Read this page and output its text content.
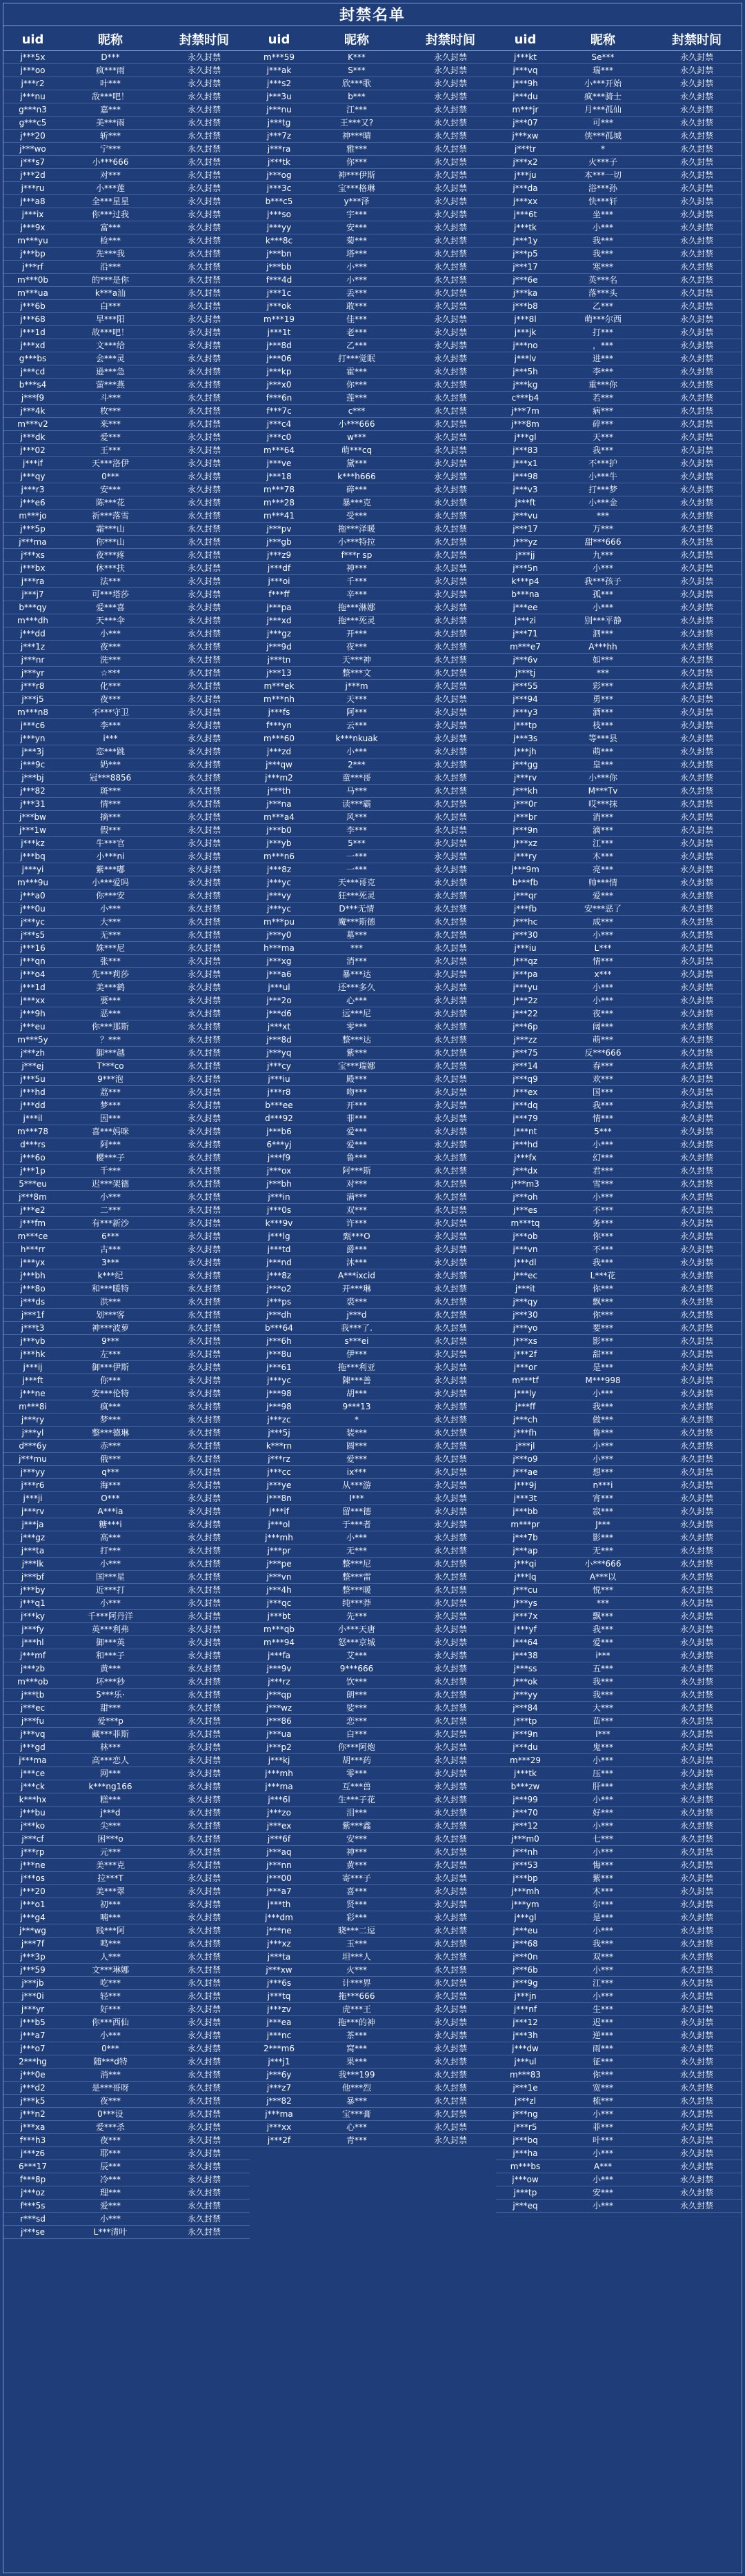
封禁名单
uid	昵称	封禁时间
j***5x	D***	永久封禁
j***oo	疯***雨	永久封禁
j***r2	叶***	永久封禁
j***nu	敌***吧！	永久封禁
g***n3	嘉***	永久封禁
g***c5	美***雨	永久封禁
j***20	斩***	永久封禁
j***wo	宁***	永久封禁
j***s7	小***666	永久封禁
j***2d	对***	永久封禁
j***ru	小***莲	永久封禁
j***a8	全***星星	永久封禁
j***ix	你***过我	永久封禁
j***9x	富***	永久封禁
m***yu	检***	永久封禁
j***bp	先***我	永久封禁
j***rf	沿***	永久封禁
m***0b	的***是你	永久封禁
m***ua	k***a汕	永久封禁
j***6b	白***	永久封禁
j***68	早***阳	永久封禁
j***1d	故***吧！	永久封禁
j***xd	文***给	永久封禁
g***bs	会***灵	永久封禁
j***cd	逊***急	永久封禁
b***s4	萤***燕	永久封禁
j***f9	斗***	永久封禁
j***4k	枚***	永久封禁
m***v2	来***	永久封禁
j***dk	爱***	永久封禁
j***02	王***	永久封禁
j***if	天***洛伊	永久封禁
j***qy	0***	永久封禁
j***r3	安***	永久封禁
j***e6	陈***花	永久封禁
m***jo	祈***落雪	永久封禁
j***5p	霜***山	永久封禁
j***ma	你***山	永久封禁
j***xs	夜***疼	永久封禁
j***bx	休***扶	永久封禁
j***ra	法***	永久封禁
j***j7	可***塔莎	永久封禁
b***qy	爱***喜	永久封禁
m***dh	天***伞	永久封禁
j***dd	小***	永久封禁
j***1z	夜***	永久封禁
j***nr	洗***	永久封禁
j***yr	☆***	永久封禁
j***r8	化***	永久封禁
j***j5	夜***	永久封禁
m***n8	不***守卫	永久封禁
j***c6	李***	永久封禁
j***yn	i***	永久封禁
j***3j	恋***跳	永久封禁
j***9c	奶***	永久封禁
j***bj	冠***8856	永久封禁
j***82	斑***	永久封禁
j***31	情***	永久封禁
j***bw	摘***	永久封禁
j***1w	假***	永久封禁
j***kz	牛***官	永久封禁
j***bq	小***ni	永久封禁
j***yi	紫***嘟	永久封禁
m***9u	小***爱吗	永久封禁
j***a0	你***安	永久封禁
j***0u	小***	永久封禁
j***yc	大***	永久封禁
j***s5	无***	永久封禁
j***16	姝***尼	永久封禁
j***qn	张***	永久封禁
j***o4	先***莉莎	永久封禁
j***1d	美***鹤	永久封禁
j***xx	要***	永久封禁
j***9h	恶***	永久封禁
j***eu	你***那斯	永久封禁
m***5y	？***	永久封禁
j***zh	御***越	永久封禁
j***ej	T***co	永久封禁
j***5u	9***泡	永久封禁
j***hd	荔***	永久封禁
j***dd	梦***	永久封禁
j***il	因***	永久封禁
m***78	喜***妈咪	永久封禁
d***rs	阿***	永久封禁
j***6o	樱***子	永久封禁
j***1p	千***	永久封禁
5***eu	迟***架德	永久封禁
j***8m	小***	永久封禁
j***e2	二***	永久封禁
j***fm	有***新沙	永久封禁
m***ce	6***	永久封禁
h***rr	古***	永久封禁
j***yx	3***	永久封禁
j***bh	k***纪	永久封禁
j***8o	和***暖特	永久封禁
j***ds	洪***	永久封禁
j***1f	划***客	永久封禁
j***t3	神***波萝	永久封禁
j***vb	9***	永久封禁
j***hk	左***	永久封禁
j***ij	御***伊斯	永久封禁
j***ft	你***	永久封禁
j***ne	安***伦特	永久封禁
m***8i	疯***	永久封禁
j***ry	梦***	永久封禁
j***yl	整***德琳	永久封禁
d***6y	赤***	永久封禁
j***mu	俄***	永久封禁
j***yy	q***	永久封禁
j***r6	海***	永久封禁
j***ji	O***	永久封禁
j***rv	A***ia	永久封禁
j***ja	糖***i	永久封禁
j***gz	高***	永久封禁
j***ta	打***	永久封禁
j***lk	小***	永久封禁
j***bf	国***星	永久封禁
j***by	近***打	永久封禁
j***q1	小***	永久封禁
j***ky	千***阿丹洋	永久封禁
j***fy	英***利弗	永久封禁
j***hl	御***英	永久封禁
j***mf	和***子	永久封禁
j***zb	黄***	永久封禁
m***ob	坏***秒	永久封禁
j***tb	5***乐·	永久封禁
j***ec	甜***	永久封禁
j***fu	爱***p	永久封禁
j***vq	藏***菲斯	永久封禁
j***gd	林***	永久封禁
j***ma	高***恋人	永久封禁
j***ce	网***	永久封禁
j***ck	k***ng166	永久封禁
k***hx	糕***	永久封禁
j***bu	j***d	永久封禁
j***ko	尖***	永久封禁
j***cf	困***o	永久封禁
j***rp	元***	永久封禁
j***ne	美***克	永久封禁
j***os	拉***T	永久封禁
j***20	美***翠	永久封禁
j***o1	初***	永久封禁
j***g4	喃***	永久封禁
j***wg	贱***阿	永久封禁
j***7f	鸣***	永久封禁
j***3p	人***	永久封禁
j***59	文***琳娜	永久封禁
j***jb	吃***	永久封禁
j***0i	轻***	永久封禁
j***yr	好***	永久封禁
j***b5	你***西仙	永久封禁
j***a7	小***	永久封禁
j***o7	0***	永久封禁
2***hg	随***d特	永久封禁
j***0e	消***	永久封禁
j***d2	是***哥呀	永久封禁
j***k5	夜***	永久封禁
j***n2	0***设	永久封禁
j***xa	爱***杀	永久封禁
f***h3	夜***	永久封禁
j***z6	耶***	永久封禁
6***17	辰***	永久封禁
f***8p	冷***	永久封禁
j***oz	理***	永久封禁
f***5s	爱***	永久封禁
r***sd	小***	永久封禁
j***se	L***清叶	永久封禁
uid	昵称	封禁时间
m***59	K***	永久封禁
j***ak	S***	永久封禁
j***s2	欣***歌	永久封禁
j***3u	b***	永久封禁
j***nu	江***	永久封禁
j***tg	王***又?	永久封禁
j***7z	神***晴	永久封禁
j***ra	雅***	永久封禁
j***tk	你***	永久封禁
j***og	神***伊斯	永久封禁
j***3c	宝***格琳	永久封禁
b***c5	y***泽	永久封禁
j***so	宇***	永久封禁
j***yy	安***	永久封禁
k***8c	菊***	永久封禁
j***bn	塔***	永久封禁
j***bb	小***	永久封禁
f***4d	小***	永久封禁
j***1c	丢***	永久封禁
j***ok	敢***	永久封禁
m***19	佳***	永久封禁
j***1t	老***	永久封禁
j***8d	乙***	永久封禁
j***06	打***觉眠	永久封禁
j***kp	霍***	永久封禁
j***x0	你***	永久封禁
f***6n	莲***	永久封禁
f***7c	c***	永久封禁
j***c4	小***666	永久封禁
j***c0	w***	永久封禁
m***64	萌***cq	永久封禁
j***ve	黛***	永久封禁
j***18	k***h666	永久封禁
m***78	碎***	永久封禁
m***28	暴***克	永久封禁
m***41	受***	永久封禁
j***pv	拖***泽暖	永久封禁
j***gb	小***特拉	永久封禁
j***z9	f***r sp	永久封禁
j***df	神***	永久封禁
j***oi	千***	永久封禁
f***ff	辛***	永久封禁
j***pa	拖***淋娜	永久封禁
j***xd	拖***死灵	永久封禁
j***gz	开***	永久封禁
j***9d	夜***	永久封禁
j***tn	天***神	永久封禁
j***13	整***文	永久封禁
m***ek	j***m	永久封禁
m***nh	天***	永久封禁
j***fs	阿***	永久封禁
f***yn	云***	永久封禁
m***60	k***nkuak	永久封禁
j***zd	小***	永久封禁
j***qw	2***	永久封禁
j***m2	童***哥	永久封禁
j***th	马***	永久封禁
j***na	读***霸	永久封禁
m***a4	风***	永久封禁
j***b0	李***	永久封禁
j***yb	5***	永久封禁
m***n6	一***	永久封禁
j***8z	一***	永久封禁
j***yc	天***哥克	永久封禁
j***vy	狂***死灵	永久封禁
j***yc	D***无情	永久封禁
m***pu	魔***斯德	永久封禁
j***y0	墓***	永久封禁
h***ma	***	永久封禁
j***xg	消***	永久封禁
j***a6	暴***达	永久封禁
j***ul	还***多久	永久封禁
j***2o	心***	永久封禁
j***d6	远***尼	永久封禁
j***xt	零***	永久封禁
j***8d	整***达	永久封禁
j***yq	紫***	永久封禁
j***cy	宝***瑞娜	永久封禁
j***iu	殿***	永久封禁
j***r8	吻***	永久封禁
b***ee	开***	永久封禁
d***92	菲***	永久封禁
j***b6	爱***	永久封禁
6***yj	爱***	永久封禁
j***f9	鲁***	永久封禁
j***ox	阿***斯	永久封禁
j***bh	对***	永久封禁
j***in	满***	永久封禁
j***0s	双***	永久封禁
k***9v	许***	永久封禁
j***lg	甄***O	永久封禁
j***td	爵***	永久封禁
j***nd	沐***	永久封禁
j***8z	A***ixcid	永久封禁
j***o2	开***琳	永久封禁
j***ps	裘***	永久封禁
j***dh	j***d	永久封禁
b***64	我***了.	永久封禁
j***6h	s***ei	永久封禁
j***8u	伊***	永久封禁
j***61	拖***利亚	永久封禁
j***yc	陳***善	永久封禁
j***98	胡***	永久封禁
j***98	9***13	永久封禁
j***zc	*	永久封禁
j***5j	装***	永久封禁
k***rn	圆***	永久封禁
j***rz	爱***	永久封禁
j***cc	ix***	永久封禁
j***ye	从***游	永久封禁
j***8n	I***	永久封禁
j***if	留***德	永久封禁
j***ol	于***者	永久封禁
j***mh	小***	永久封禁
j***pr	无***	永久封禁
j***pe	整***尼	永久封禁
j***vn	整***雷	永久封禁
j***4h	整***暖	永久封禁
j***qc	纯***莽	永久封禁
j***bt	先***	永久封禁
m***qb	小***天唐	永久封禁
m***94	怒***京城	永久封禁
j***fa	艾***	永久封禁
j***9v	9***666	永久封禁
j***rz	饮***	永久封禁
j***qp	朗***	永久封禁
j***wz	娑***	永久封禁
j***86	恋***	永久封禁
j***ua	白***	永久封禁
j***p2	你***阿炮	永久封禁
j***kj	胡***药	永久封禁
j***mh	零***	永久封禁
j***ma	互***兽	永久封禁
j***6l	生***子花	永久封禁
j***zo	泪***	永久封禁
j***ex	紫***鑫	永久封禁
j***6f	安***	永久封禁
j***aq	神***	永久封禁
j***nn	黄***	永久封禁
j***00	寄***子	永久封禁
j***a7	喜***	永久封禁
j***th	贤***	永久封禁
j***dm	彩***	永久封禁
j***ne	晓***二逗	永久封禁
j***xz	玉***	永久封禁
j***ta	坦***人	永久封禁
j***xw	火***	永久封禁
j***6s	计***界	永久封禁
j***tq	拖***666	永久封禁
j***zv	虎***王	永久封禁
j***ea	拖***的神	永久封禁
j***nc	茶***	永久封禁
2***m6	窝***	永久封禁
j***j1	果***	永久封禁
j***6y	我***199	永久封禁
j***z7	他***烈	永久封禁
j***82	暴***	永久封禁
j***ma	宝***膏	永久封禁
j***xx	心***	永久封禁
j***2f	青***	永久封禁
uid	昵称	封禁时间
j***kt	Se***	永久封禁
j***vq	瑞***	永久封禁
j***9h	小***开始	永久封禁
j***du	疯***骑士	永久封禁
m***jr	月***孤仙	永久封禁
j***07	可***	永久封禁
j***xw	侠***孤城	永久封禁
j***tr	*	永久封禁
j***x2	火***子	永久封禁
j***ju	本***一切	永久封禁
j***da	浴***孙	永久封禁
j***xx	快***轩	永久封禁
j***6t	坐***	永久封禁
j***tk	小***	永久封禁
j***1y	我***	永久封禁
j***p5	我***	永久封禁
j***17	寒***	永久封禁
j***6e	英***名	永久封禁
j***ka	落***头	永久封禁
j***b8	乙***	永久封禁
j***8l	萌***尔西	永久封禁
j***jk	打***	永久封禁
j***no	，***	永久封禁
j***lv	进***	永久封禁
j***5h	李***	永久封禁
j***kg	重***你	永久封禁
c***b4	若***	永久封禁
j***7m	病***	永久封禁
j***8m	碎***	永久封禁
j***gl	天***	永久封禁
j***83	我***	永久封禁
j***x1	不***护	永久封禁
j***98	小***牛	永久封禁
j***v3	打***梦	永久封禁
j***ft	小***金	永久封禁
j***vu	***	永久封禁
j***17	万***	永久封禁
j***yz	甜***666	永久封禁
j***jj	九***	永久封禁
j***5n	小***	永久封禁
k***p4	我***孩子	永久封禁
b***na	孤***	永久封禁
j***ee	小***	永久封禁
j***zi	别***平静	永久封禁
j***71	泗***	永久封禁
m***e7	A***hh	永久封禁
j***6v	如***	永久封禁
j***tj	***	永久封禁
j***55	彩***	永久封禁
j***94	勇***	永久封禁
j***y3	酒***	永久封禁
j***tp	枝***	永久封禁
j***3s	等***县	永久封禁
j***jh	萌***	永久封禁
j***gg	皇***	永久封禁
j***rv	小***你	永久封禁
j***kh	M***Tv	永久封禁
j***0r	哎***抹	永久封禁
j***br	消***	永久封禁
j***9n	滴***	永久封禁
j***xz	江***	永久封禁
j***ry	木***	永久封禁
j***9m	亮***	永久封禁
b***fb	帅***情	永久封禁
j***qr	爱***	永久封禁
j***fb	安***恶了	永久封禁
j***hc	成***	永久封禁
j***30	小***	永久封禁
j***iu	L***	永久封禁
j***qz	情***	永久封禁
j***pa	x***	永久封禁
j***yu	小***	永久封禁
j***2z	小***	永久封禁
j***22	夜***	永久封禁
j***6p	阔***	永久封禁
j***zz	萌***	永久封禁
j***75	反***666	永久封禁
j***14	春***	永久封禁
j***q9	欢***	永久封禁
j***ex	国***	永久封禁
j***dq	我***	永久封禁
j***79	情***	永久封禁
j***nt	5***	永久封禁
j***hd	小***	永久封禁
j***fx	幻***	永久封禁
j***dx	君***	永久封禁
j***m3	雪***	永久封禁
j***oh	小***	永久封禁
j***es	不***	永久封禁
m***tq	务***	永久封禁
j***ob	你***	永久封禁
j***vn	不***	永久封禁
j***dl	我***	永久封禁
j***ec	L***花	永久封禁
j***it	你***	永久封禁
j***qy	飘***	永久封禁
j***30	你***	永久封禁
j***yo	要***	永久封禁
j***xs	影***	永久封禁
j***2f	甜***	永久封禁
j***or	是***	永久封禁
m***tf	M***998	永久封禁
j***ly	小***	永久封禁
j***ff	我***	永久封禁
j***ch	做***	永久封禁
j***fh	鲁***	永久封禁
j***jl	小***	永久封禁
j***o9	小***	永久封禁
j***ae	想***	永久封禁
j***9j	n***i	永久封禁
j***3t	宵***	永久封禁
j***bb	寂***	永久封禁
m***pr	J***	永久封禁
j***7b	影***	永久封禁
j***ap	无***	永久封禁
j***qi	小***666	永久封禁
j***lq	A***以	永久封禁
j***cu	悦***	永久封禁
j***ys	***	永久封禁
j***7x	飘***	永久封禁
j***yf	我***	永久封禁
j***64	爱***	永久封禁
j***38	i***	永久封禁
j***ss	五***	永久封禁
j***ok	我***	永久封禁
j***yy	我***	永久封禁
j***84	大***	永久封禁
j***tp	苗***	永久封禁
j***9n	I***	永久封禁
j***du	鬼***	永久封禁
m***29	小***	永久封禁
j***tk	压***	永久封禁
b***zw	肝***	永久封禁
j***99	小***	永久封禁
j***70	好***	永久封禁
j***12	小***	永久封禁
j***m0	七***	永久封禁
j***nh	小***	永久封禁
j***53	悔***	永久封禁
j***bp	紫***	永久封禁
j***mh	木***	永久封禁
j***ym	尔***	永久封禁
j***gl	是***	永久封禁
j***eu	小***	永久封禁
j***68	我***	永久封禁
j***0n	双***	永久封禁
j***6b	小***	永久封禁
j***9g	江***	永久封禁
j***jn	小***	永久封禁
j***nf	生***	永久封禁
j***12	迟***	永久封禁
j***3h	逆***	永久封禁
j***dw	雨***	永久封禁
j***ul	征***	永久封禁
m***83	你***	永久封禁
j***1e	宽***	永久封禁
j***zl	梳***	永久封禁
j***ng	小***	永久封禁
j***r5	菲***	永久封禁
j***bq	叶***	永久封禁
j***ha	小***	永久封禁
m***bs	A***	永久封禁
j***ow	小***	永久封禁
j***tp	安***	永久封禁
j***eq	小***	永久封禁
